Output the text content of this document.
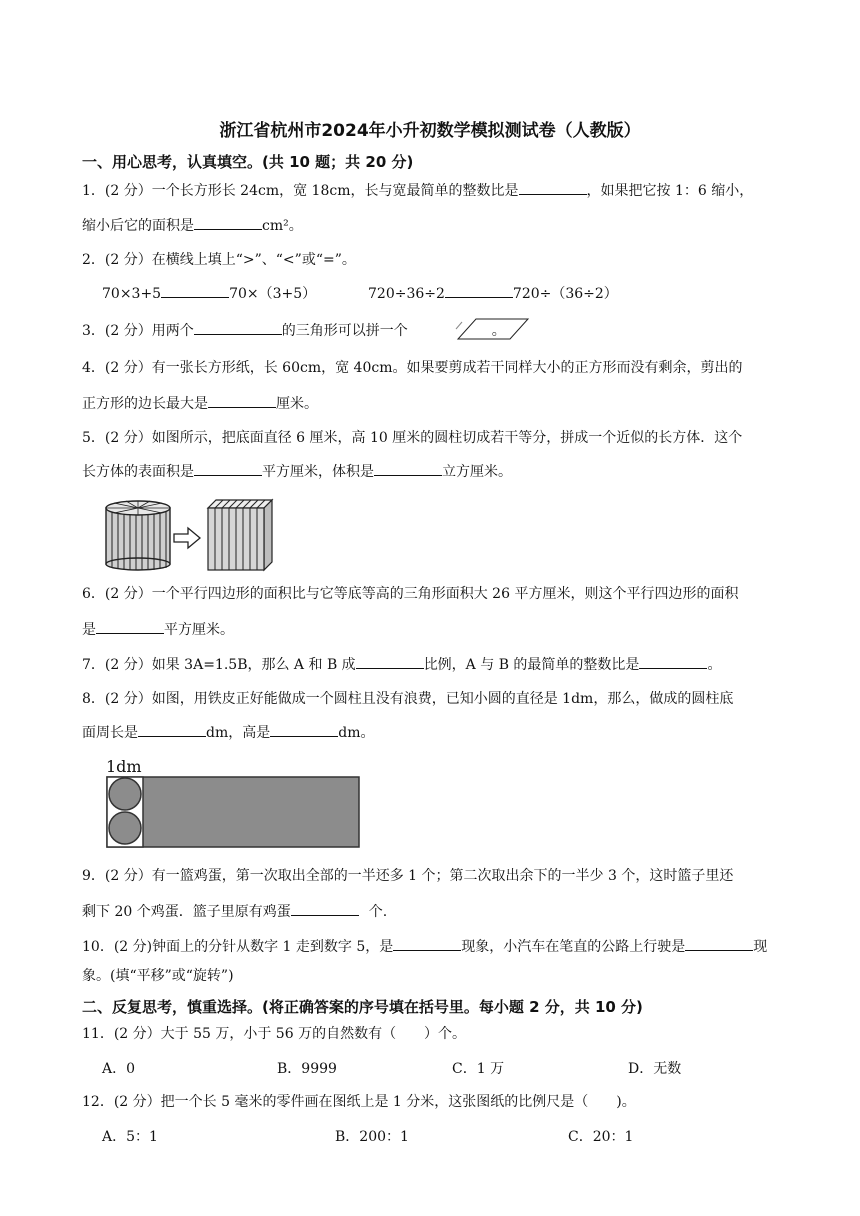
浙江省杭州市2024年小升初数学模拟测试卷（人教版）
一、用心思考，认真填空。(共 10 题；共 20 分)
1．(2 分）一个长方形长 24cm，宽 18cm，长与宽最简单的整数比是	，如果把它按 1：6 缩小，
缩小后它的面积是	cm²。
2．(2 分）在横线上填上“>”、“<”或“=”。
70×3+5	70×（3+5）	720÷36÷2	720÷（36÷2）
3．(2 分）用两个	的三角形可以拼一个	。
4．(2 分）有一张长方形纸，长 60cm，宽 40cm。如果要剪成若干同样大小的正方形而没有剩余，剪出的
正方形的边长最大是	厘米。
5．(2 分）如图所示，把底面直径 6 厘米，高 10 厘米的圆柱切成若干等分，拼成一个近似的长方体．这个
长方体的表面积是	平方厘米，体积是	立方厘米。
6．(2 分）一个平行四边形的面积比与它等底等高的三角形面积大 26 平方厘米，则这个平行四边形的面积
是	平方厘米。
7．(2 分）如果 3A=1.5B，那么 A 和 B 成	比例，A 与 B 的最简单的整数比是	。
8．(2 分）如图，用铁皮正好能做成一个圆柱且没有浪费，已知小圆的直径是 1dm，那么，做成的圆柱底
面周长是	dm，高是	dm。
1dm
9．(2 分）有一篮鸡蛋，第一次取出全部的一半还多 1 个；第二次取出余下的一半少 3 个，这时篮子里还
剩下 20 个鸡蛋．篮子里原有鸡蛋	个.
10．(2 分)钟面上的分针从数字 1 走到数字 5，是	现象，小汽车在笔直的公路上行驶是	现
象。(填“平移”或“旋转”)
二、反复思考，慎重选择。(将正确答案的序号填在括号里。每小题 2 分，共 10 分)
11．(2 分）大于 55 万，小于 56 万的自然数有（　　）个。
A．0	B．9999	C．1 万	D．无数
12．(2 分）把一个长 5 毫米的零件画在图纸上是 1 分米，这张图纸的比例尺是（　　)。
A．5：1	B．200：1	C．20：1
